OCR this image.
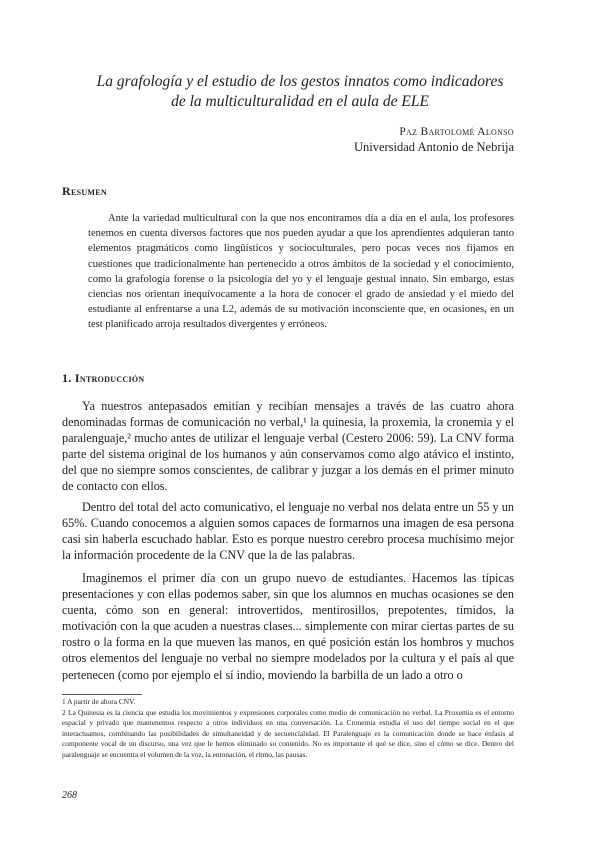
La grafología y el estudio de los gestos innatos como indicadores
de la multiculturalidad en el aula de ELE
Paz Bartolomé Alonso
Universidad Antonio de Nebrija
Resumen

Ante la variedad multicultural con la que nos encontramos día a día en el aula, los profesores tenemos en cuenta diversos factores que nos pueden ayudar a que los aprendientes adquieran tanto elementos pragmáticos como lingüísticos y socioculturales, pero pocas veces nos fijamos en cuestiones que tradicionalmente han pertenecido a otros ámbitos de la sociedad y el conocimiento, como la grafología forense o la psicología del yo y el lenguaje gestual innato. Sin embargo, estas ciencias nos orientan inequívocamente a la hora de conocer el grado de ansiedad y el miedo del estudiante al enfrentarse a una L2, además de su motivación inconsciente que, en ocasiones, en un test planificado arroja resultados divergentes y erróneos.

1. Introducción

Ya nuestros antepasados emitían y recibían mensajes a través de las cuatro ahora denominadas formas de comunicación no verbal,¹ la quinesia, la proxemia, la cronemia y el paralenguaje,² mucho antes de utilizar el lenguaje verbal (Cestero 2006: 59). La CNV forma parte del sistema original de los humanos y aún conservamos como algo atávico el instinto, del que no siempre somos conscientes, de calibrar y juzgar a los demás en el primer minuto de contacto con ellos.

Dentro del total del acto comunicativo, el lenguaje no verbal nos delata entre un 55 y un 65%. Cuando conocemos a alguien somos capaces de formarnos una imagen de esa persona casi sin haberla escuchado hablar. Esto es porque nuestro cerebro procesa muchísimo mejor la información procedente de la CNV que la de las palabras.

Imaginemos el primer día con un grupo nuevo de estudiantes. Hacemos las típicas presentaciones y con ellas podemos saber, sin que los alumnos en muchas ocasiones se den cuenta, cómo son en general: introvertidos, mentirosillos, prepotentes, tímidos, la motivación con la que acuden a nuestras clases... simplemente con mirar ciertas partes de su rostro o la forma en la que mueven las manos, en qué posición están los hombros y muchos otros elementos del lenguaje no verbal no siempre modelados por la cultura y el país al que pertenecen (como por ejemplo el sí indio, moviendo la barbilla de un lado a otro o

1 A partir de ahora CNV.

2 La Quinesia es la ciencia que estudia los movimientos y expresiones corporales como medio de comunicación no verbal. La Proxemia es el entorno espacial y privado que mantenemos respecto a otros individuos en una conversación. La Cronemia estudia el uso del tiempo social en el que interactuamos, combinando las posibilidades de simultaneidad y de secuencialidad. El Paralenguaje es la comunicación donde se hace énfasis al componente vocal de un discurso, una vez que le hemos eliminado su contenido. No es importante el qué se dice, sino el cómo se dice. Dentro del paralenguaje se encuentra el volumen de la voz, la entonación, el ritmo, las pausas.

268
